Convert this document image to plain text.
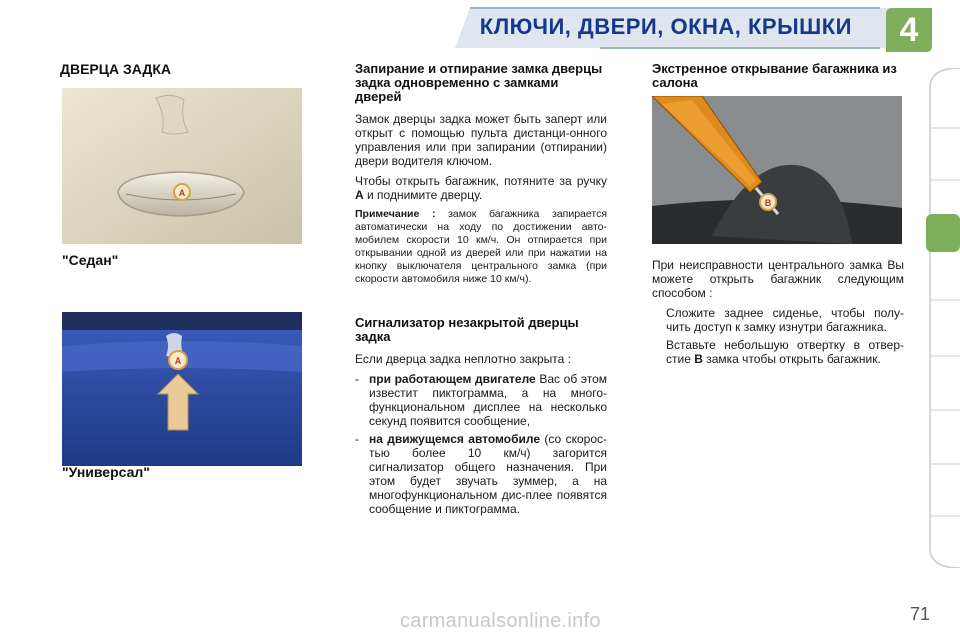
КЛЮЧИ, ДВЕРИ, ОКНА, КРЫШКИ	4
ДВЕРЦА ЗАДКА
A
"Седан"
A
"Универсал"
Запирание и отпирание замка дверцы задка одновременно с замками дверей

Замок дверцы задка может быть заперт или открыт с помощью пульта дистанци-онного управления или при запирании (отпирании) двери водителя ключом.

Чтобы открыть багажник, потяните за ручку A и поднимите дверцу.

Примечание : замок багажника запирается автоматически на ходу по достижении авто-мобилем скорости 10 км/ч. Он отпирается при открывании одной из дверей или при нажатии на кнопку выключателя центрального замка (при скорости автомобиля ниже 10 км/ч).

Сигнализатор незакрытой дверцы задка

Если дверца задка неплотно закрыта :

- при работающем двигателе Вас об этом известит пиктограмма, а на много-функциональном дисплее на несколько секунд появится сообщение,
- на движущемся автомобиле (со скорос-тью более 10 км/ч) загорится сигнализатор общего назначения. При этом будет звучать зуммер, а на многофункциональном дис-плее появятся сообщение и пиктограмма.
Экстренное открывание багажника из салона
B

При неисправности центрального замка Вы можете открыть багажник следующим способом :

Сложите заднее сиденье, чтобы полу-чить доступ к замку изнутри багажника.
Вставьте небольшую отвертку в отвер-стие B замка чтобы открыть багажник.
71
carmanualsonline.info
